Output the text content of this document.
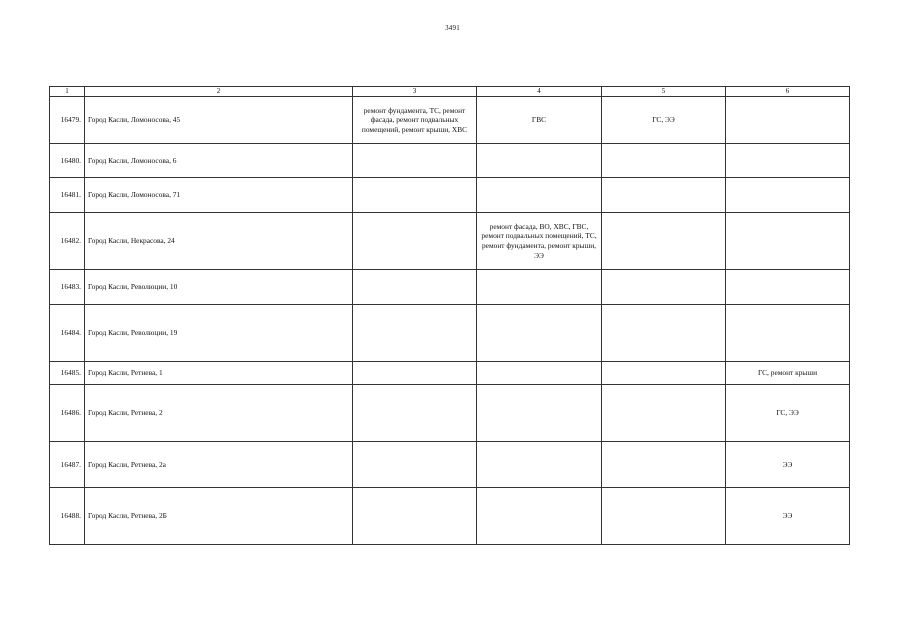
3491
1	2	3	4	5	6
16479.	Город Касли, Ломоносова, 45	ремонт фундамента, ТС, ремонт фасада, ремонт подвальных помещений, ремонт крыши, ХВС	ГВС	ГС, ЭЭ	
16480.	Город Касли, Ломоносова, 6				
16481.	Город Касли, Ломоносова, 71				
16482.	Город Касли, Некрасова, 24		ремонт фасада, ВО, ХВС, ГВС, ремонт подвальных помещений, ТС, ремонт фундамента, ремонт крыши, ЭЭ		
16483.	Город Касли, Революции, 10				
16484.	Город Касли, Революции, 19				
16485.	Город Касли, Ретнева, 1				ГС, ремонт крыши
16486.	Город Касли, Ретнева, 2				ГС, ЭЭ
16487.	Город Касли, Ретнева, 2а				ЭЭ
16488.	Город Касли, Ретнева, 2Б				ЭЭ
